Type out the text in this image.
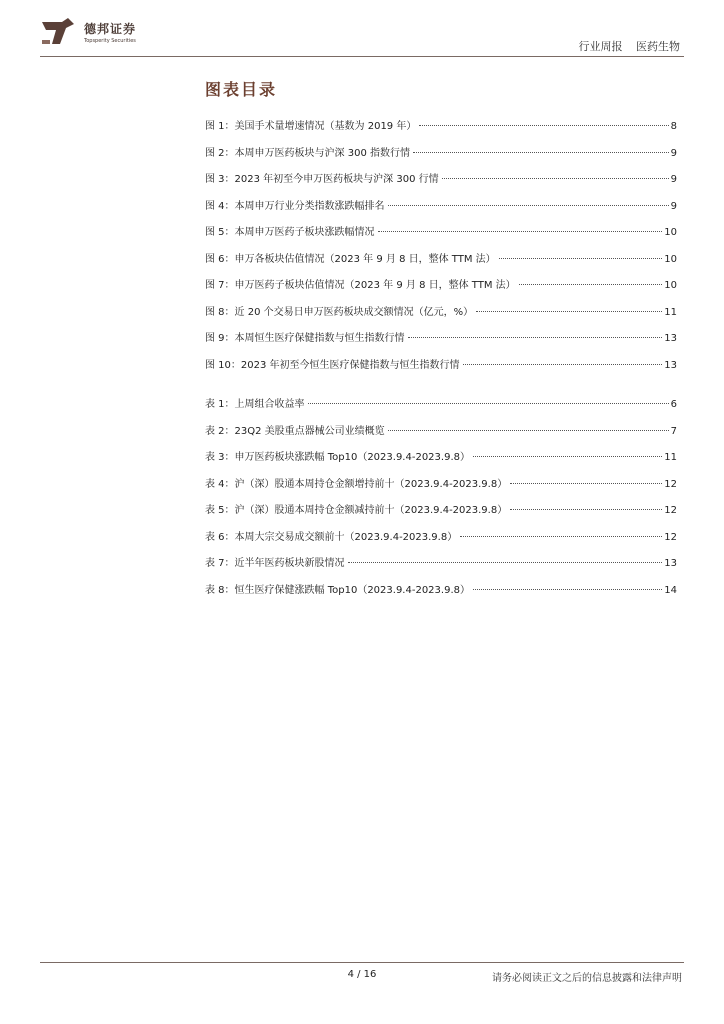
德邦证券
Topsperity Securities	行业周报 医药生物
图表目录
图 1：美国手术量增速情况（基数为 2019 年）	8
图 2：本周申万医药板块与沪深 300 指数行情	9
图 3：2023 年初至今申万医药板块与沪深 300 行情	9
图 4：本周申万行业分类指数涨跌幅排名	9
图 5：本周申万医药子板块涨跌幅情况	10
图 6：申万各板块估值情况（2023 年 9 月 8 日，整体 TTM 法）	10
图 7：申万医药子板块估值情况（2023 年 9 月 8 日，整体 TTM 法）	10
图 8：近 20 个交易日申万医药板块成交额情况（亿元，%）	11
图 9：本周恒生医疗保健指数与恒生指数行情	13
图 10：2023 年初至今恒生医疗保健指数与恒生指数行情	13
表 1：上周组合收益率	6
表 2：23Q2 美股重点器械公司业绩概览	7
表 3：申万医药板块涨跌幅 Top10（2023.9.4-2023.9.8）	11
表 4：沪（深）股通本周持仓金额增持前十（2023.9.4-2023.9.8）	12
表 5：沪（深）股通本周持仓金额减持前十（2023.9.4-2023.9.8）	12
表 6：本周大宗交易成交额前十（2023.9.4-2023.9.8）	12
表 7：近半年医药板块新股情况	13
表 8：恒生医疗保健涨跌幅 Top10（2023.9.4-2023.9.8）	14
4 / 16	请务必阅读正文之后的信息披露和法律声明
